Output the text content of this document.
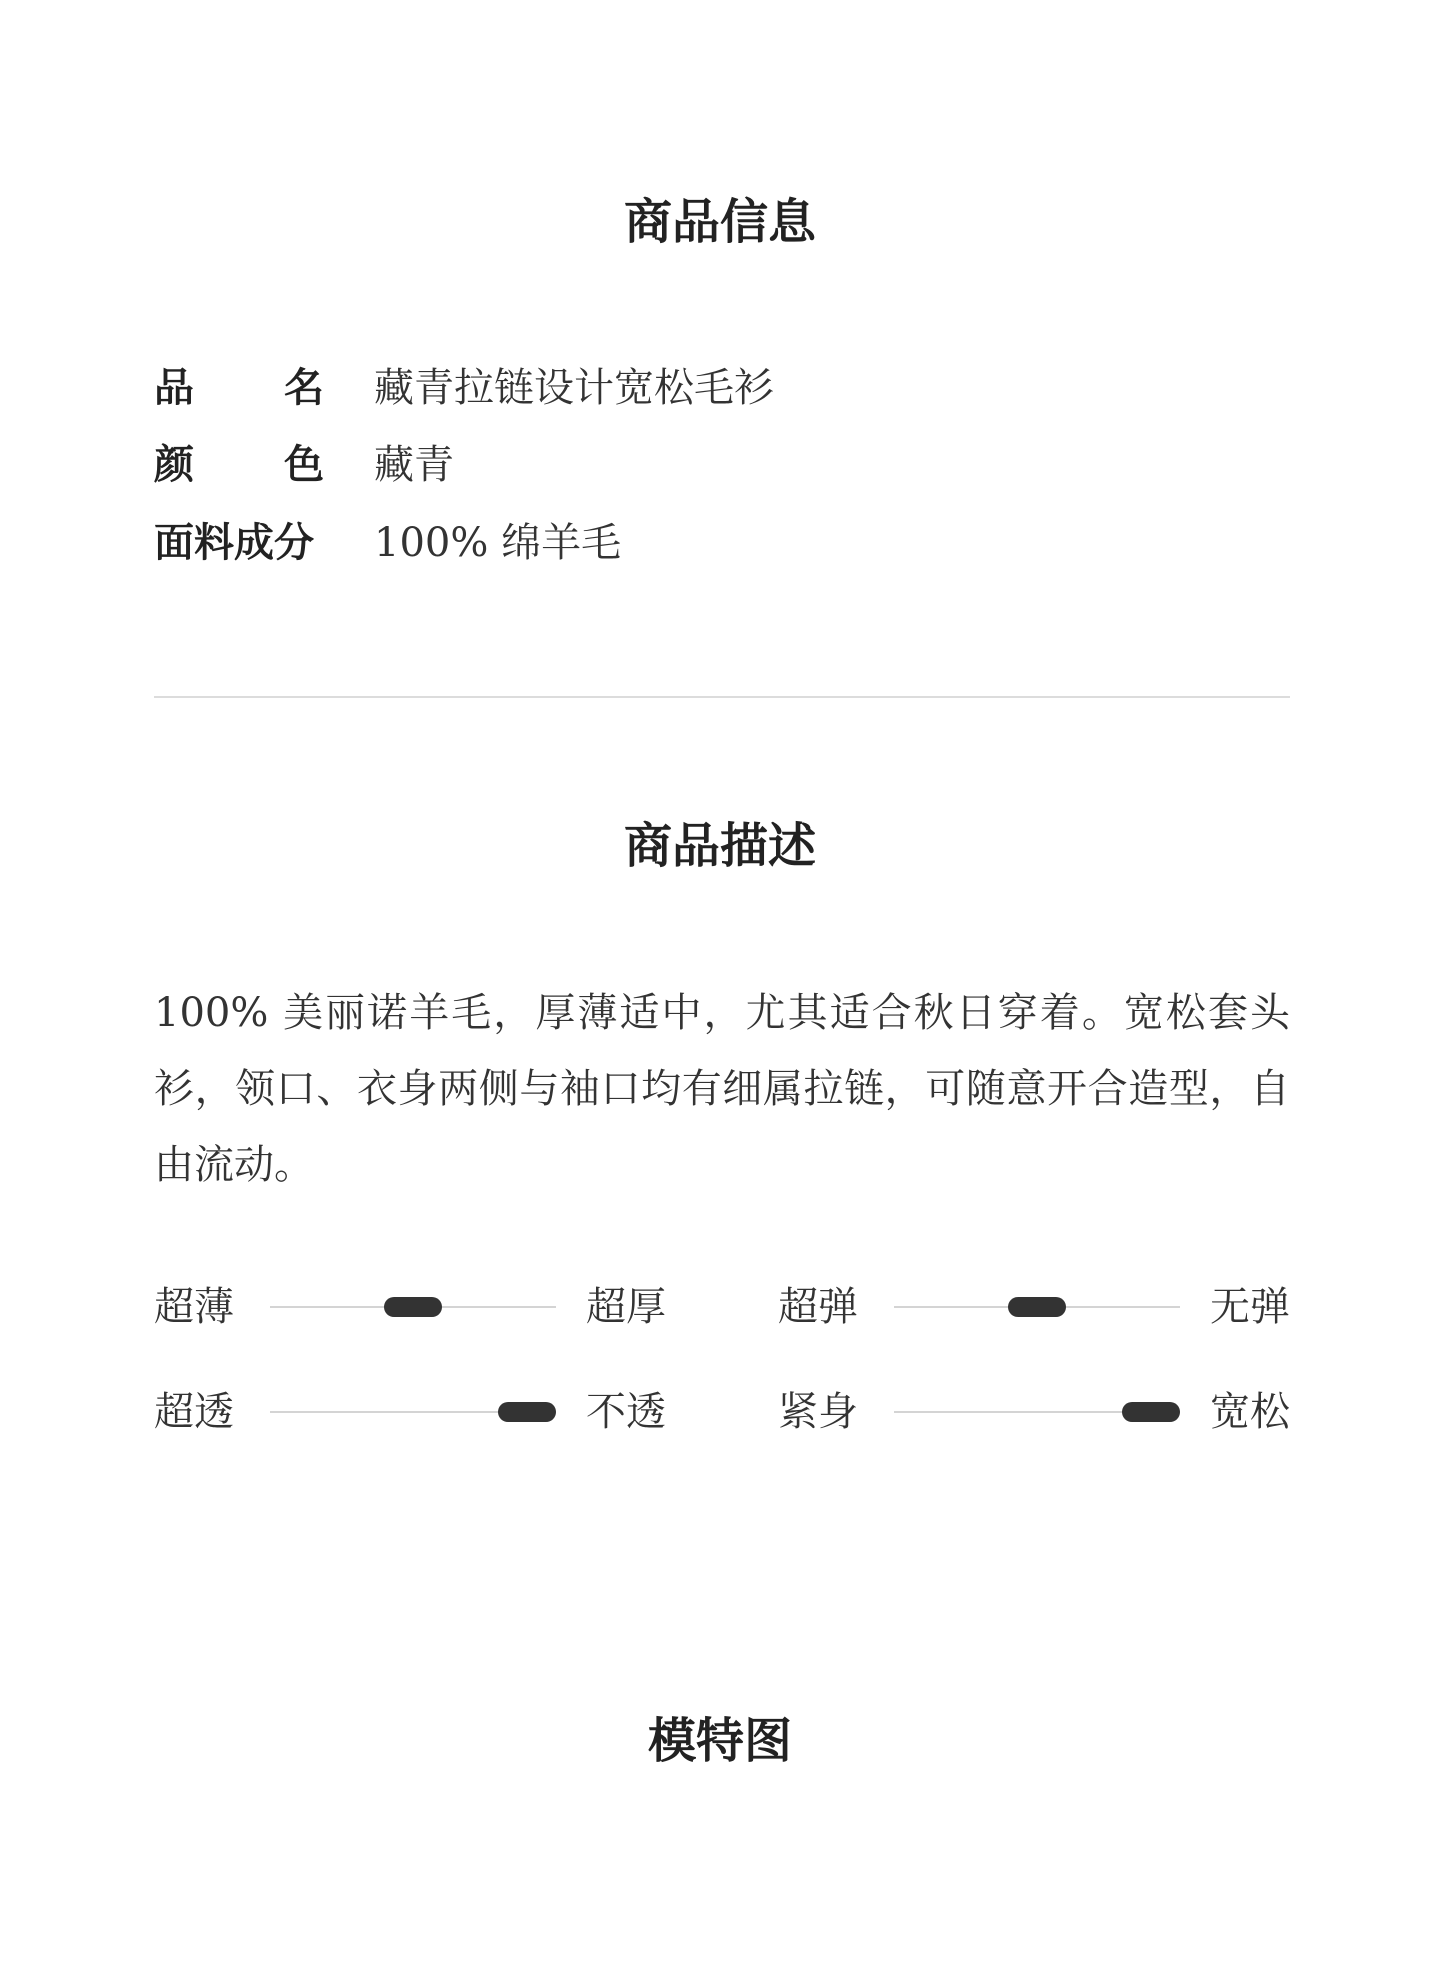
商品信息
品 名 藏青拉链设计宽松毛衫
颜 色 藏青
面料成分 100% 绵羊毛
商品描述

100% 美丽诺羊毛，厚薄适中，尤其适合秋日穿着。宽松套头衫，领口、衣身两侧与袖口均有细属拉链，可随意开合造型，自由流动。

超薄	超厚	超弹	无弹
超透	不透	紧身	宽松
模特图
